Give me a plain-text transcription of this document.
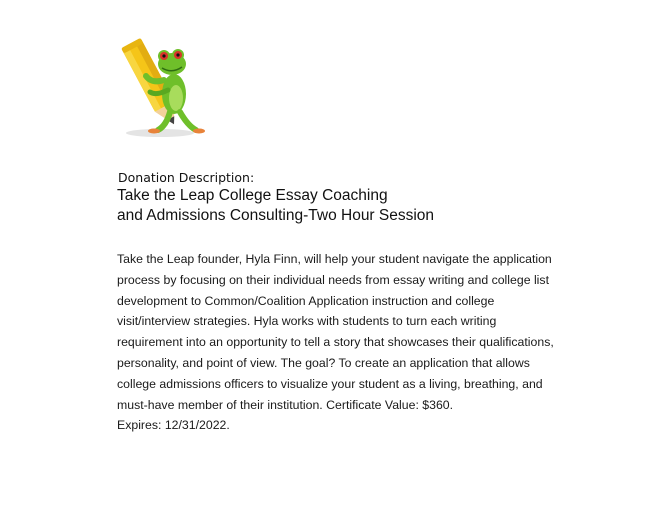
Donation Description:
Take the Leap College Essay Coaching
and Admissions Consulting-Two Hour Session
Take the Leap founder, Hyla Finn, will help your student navigate the application
process by focusing on their individual needs from essay writing and college list
development to Common/Coalition Application instruction and college
visit/interview strategies. Hyla works with students to turn each writing
requirement into an opportunity to tell a story that showcases their qualifications,
personality, and point of view. The goal? To create an application that allows
college admissions officers to visualize your student as a living, breathing, and
must-have member of their institution. Certificate Value: $360.
Expires: 12/31/2022.
